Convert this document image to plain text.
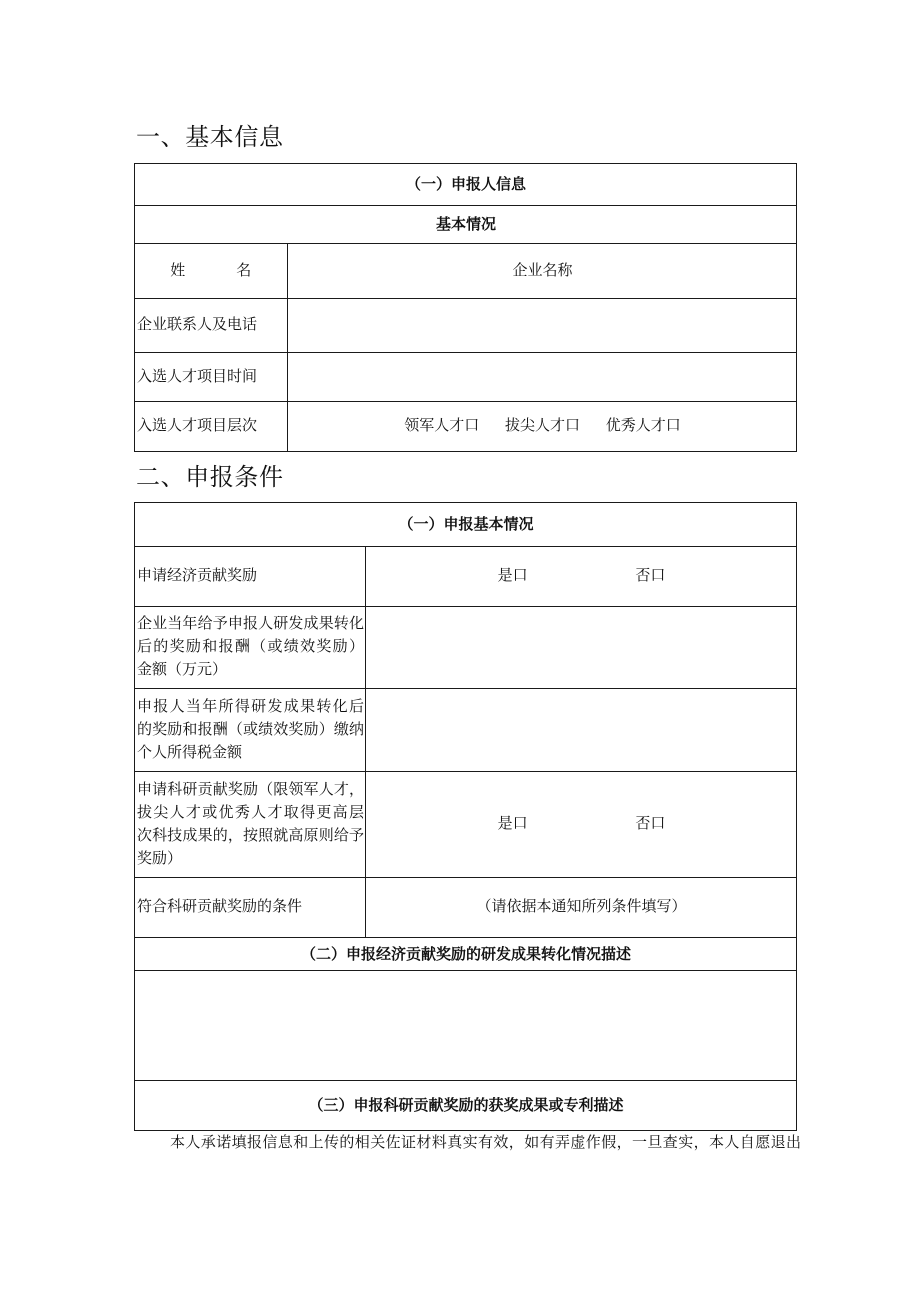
一、基本信息
（一）申报人信息	
基本情况	
姓　　　名	企业名称
企业联系人及电话	
入选人才项目时间	
入选人才项目层次	领军人才口 拔尖人才口 优秀人才口
二、申报条件
（一）申报基本情况	
申请经济贡献奖励	是口 否口

企业当年给予申报人研发成果转化
后的奖励和报酬（或绩效奖励）
金额（万元）	

申报人当年所得研发成果转化后
的奖励和报酬（或绩效奖励）缴纳
个人所得税金额	

申请科研贡献奖励（限领军人才，
拔尖人才或优秀人才取得更高层
次科技成果的，按照就高原则给予
奖励）	是口 否口
符合科研贡献奖励的条件	（请依据本通知所列条件填写）
（二）申报经济贡献奖励的研发成果转化情况描述	

（三）申报科研贡献奖励的获奖成果或专利描述	
本人承诺填报信息和上传的相关佐证材料真实有效，如有弄虚作假，一旦查实，本人自愿退出
